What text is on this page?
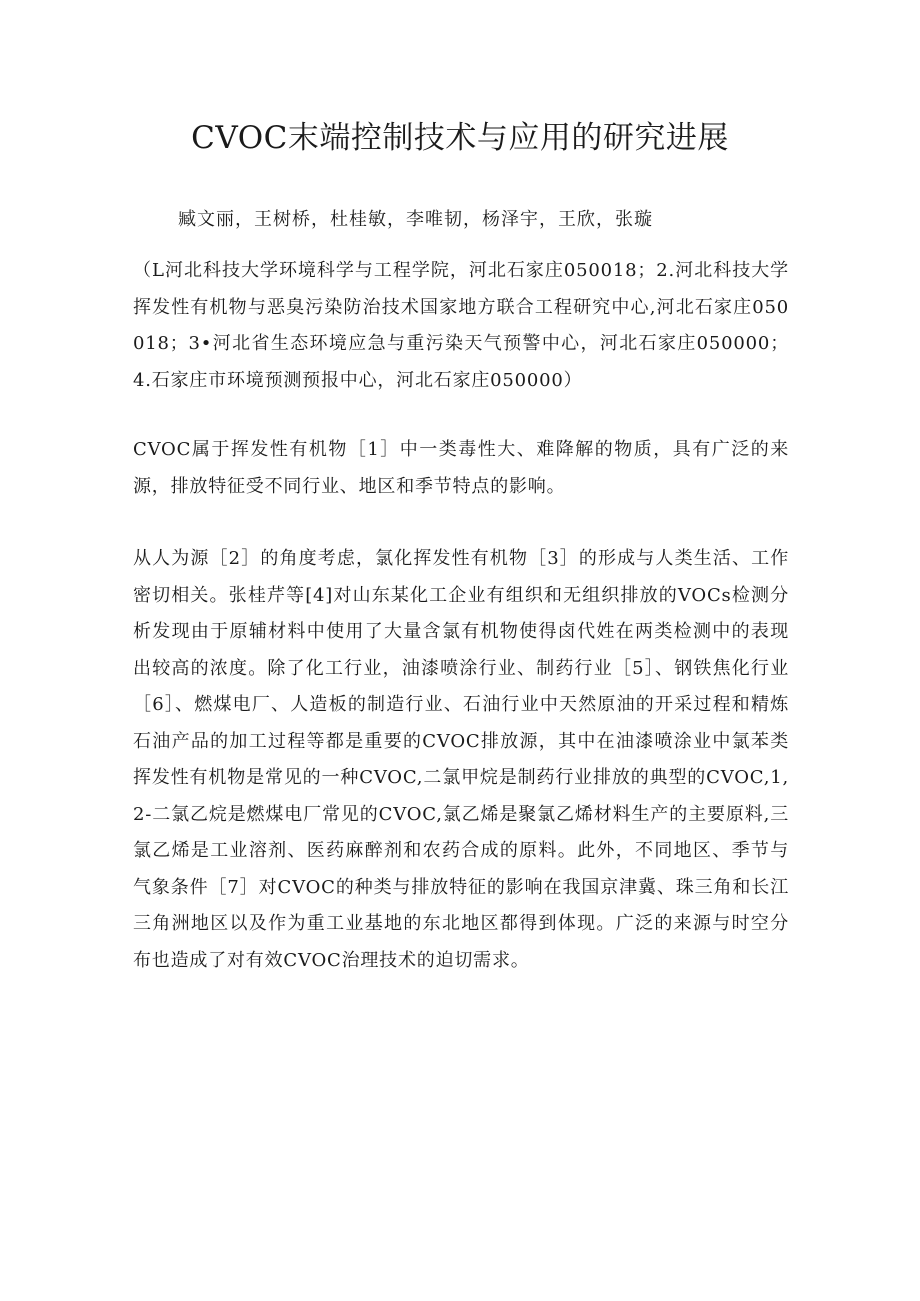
CVOC末端控制技术与应用的研究进展
臧文丽，王树桥，杜桂敏，李唯韧，杨泽宇，王欣，张璇

（L河北科技大学环境科学与工程学院，河北石家庄050018；2.河北科技大学挥发性有机物与恶臭污染防治技术国家地方联合工程研究中心,河北石家庄050018；3•河北省生态环境应急与重污染天气预警中心，河北石家庄050000；4.石家庄市环境预测预报中心，河北石家庄050000）

CVOC属于挥发性有机物［1］中一类毒性大、难降解的物质，具有广泛的来源，排放特征受不同行业、地区和季节特点的影响。

从人为源［2］的角度考虑，氯化挥发性有机物［3］的形成与人类生活、工作密切相关。张桂芹等[4]对山东某化工企业有组织和无组织排放的VOCs检测分析发现由于原辅材料中使用了大量含氯有机物使得卤代姓在两类检测中的表现出较高的浓度。除了化工行业，油漆喷涂行业、制药行业［5］、钢铁焦化行业［6］、燃煤电厂、人造板的制造行业、石油行业中天然原油的开采过程和精炼石油产品的加工过程等都是重要的CVOC排放源，其中在油漆喷涂业中氯苯类挥发性有机物是常见的一种CVOC,二氯甲烷是制药行业排放的典型的CVOC,1,2-二氯乙烷是燃煤电厂常见的CVOC,氯乙烯是聚氯乙烯材料生产的主要原料,三氯乙烯是工业溶剂、医药麻醉剂和农药合成的原料。此外，不同地区、季节与气象条件［7］对CVOC的种类与排放特征的影响在我国京津冀、珠三角和长江三角洲地区以及作为重工业基地的东北地区都得到体现。广泛的来源与时空分布也造成了对有效CVOC治理技术的迫切需求。
